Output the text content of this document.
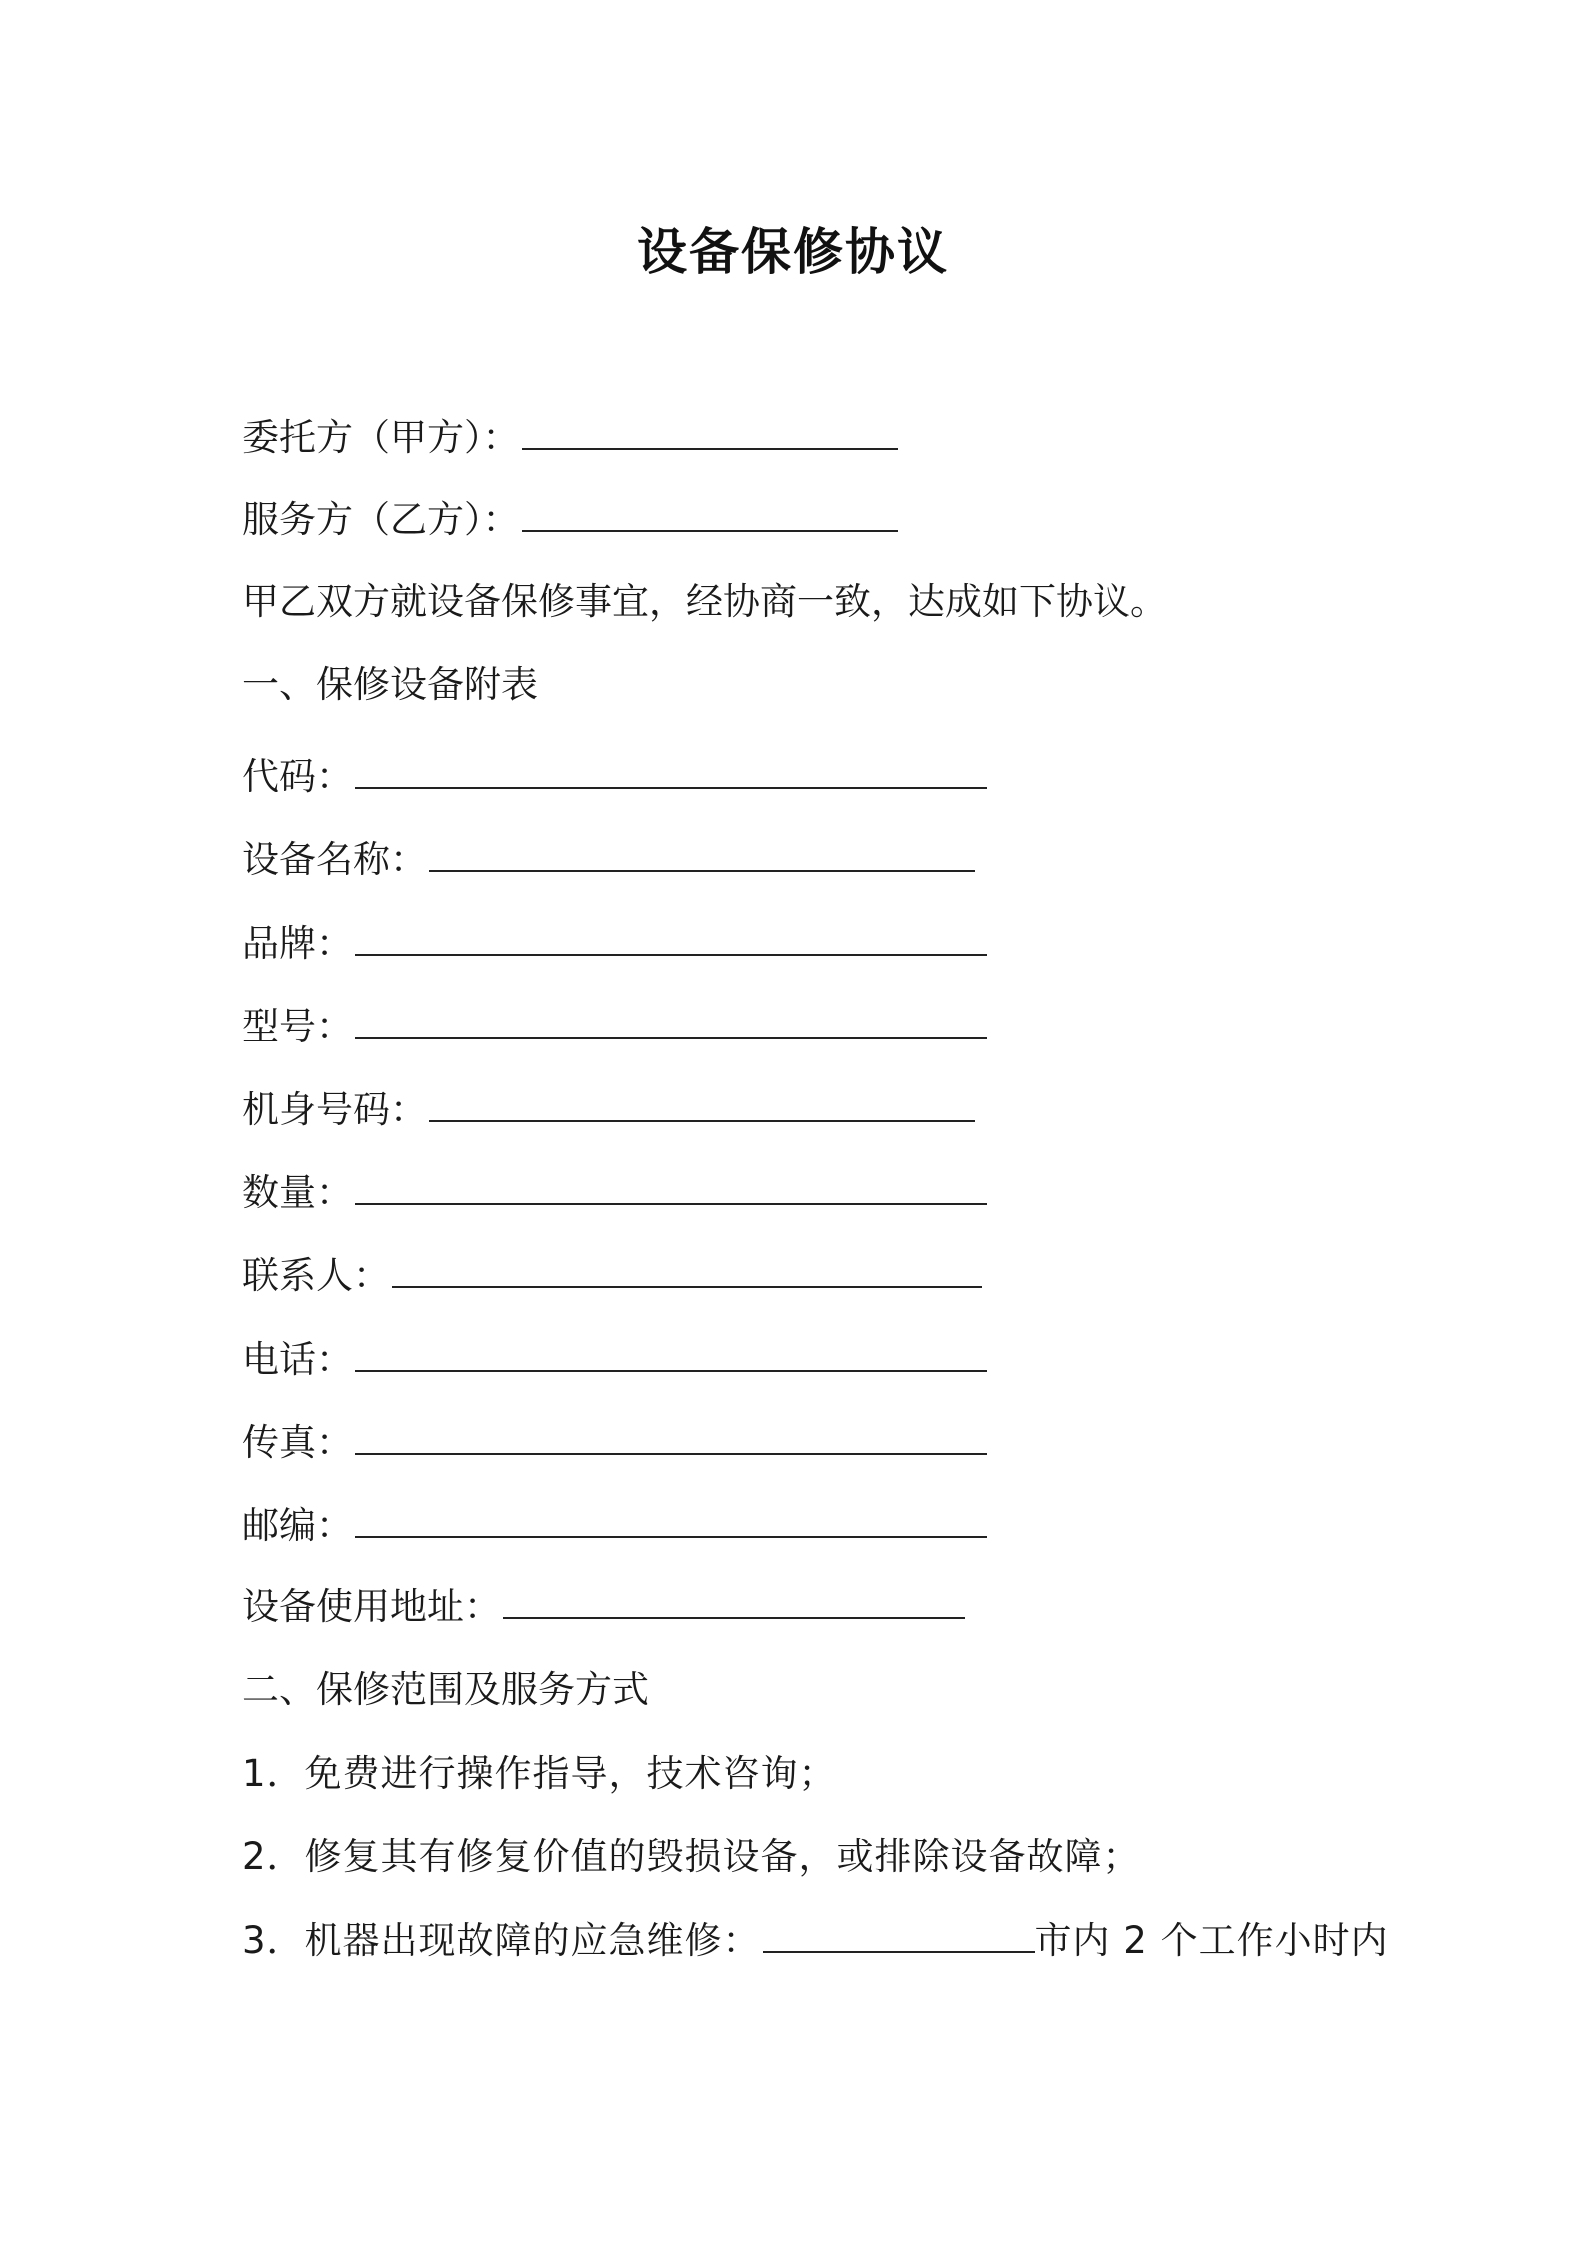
设备保修协议
委托方（甲方）：
服务方（乙方）：
甲乙双方就设备保修事宜，经协商一致，达成如下协议。
一、保修设备附表
代码：
设备名称：
品牌：
型号：
机身号码：
数量：
联系人：
电话：
传真：
邮编：
设备使用地址：
二、保修范围及服务方式
1．免费进行操作指导，技术咨询；
2．修复其有修复价值的毁损设备，或排除设备故障；
3．机器出现故障的应急维修：	市内 2 个工作小时内
